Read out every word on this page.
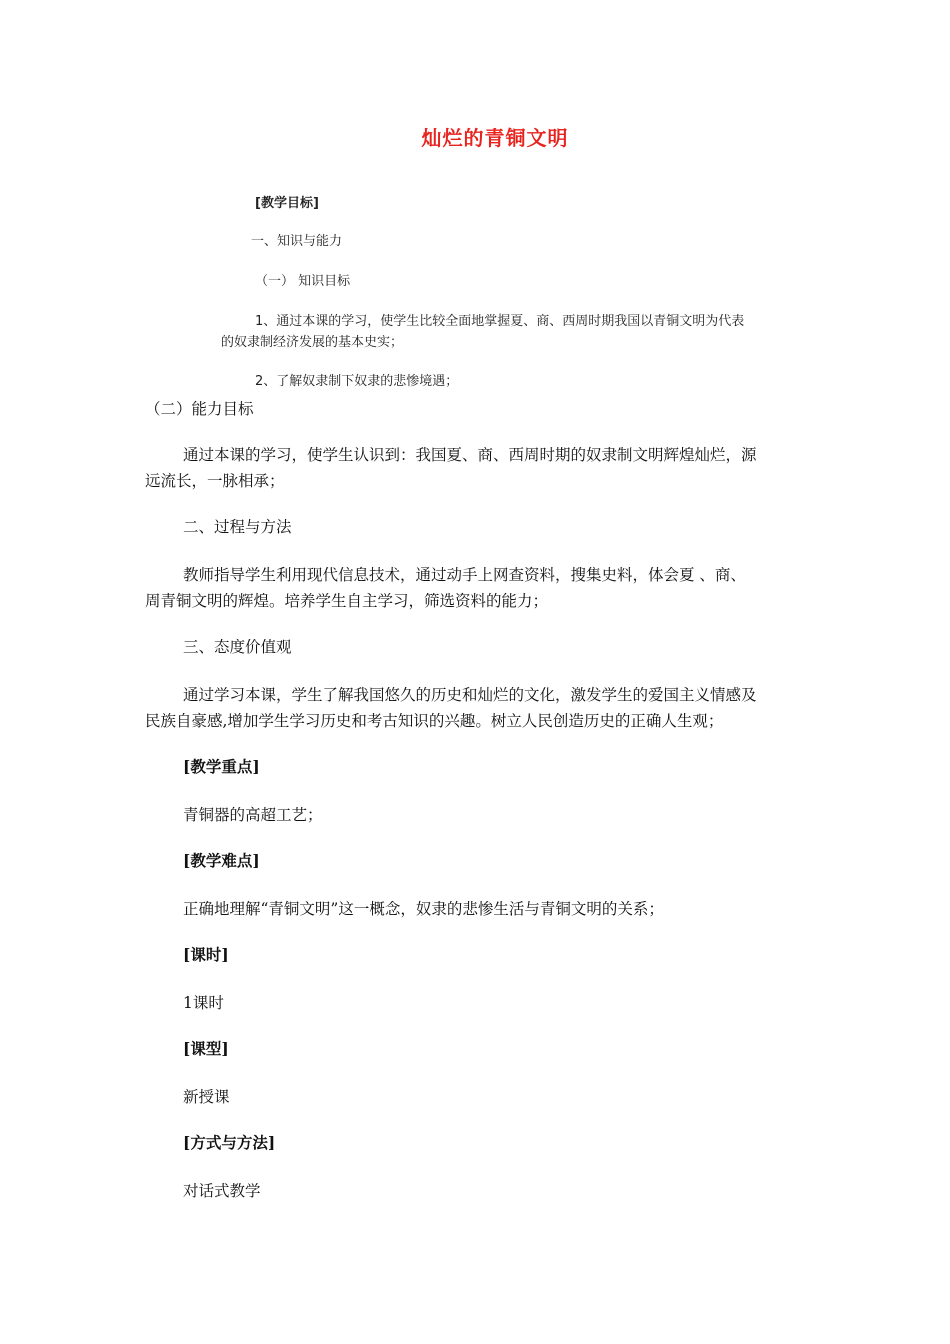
灿烂的青铜文明
[教学目标]
一、知识与能力
（一） 知识目标
1、通过本课的学习，使学生比较全面地掌握夏、商、西周时期我国以青铜文明为代表
的奴隶制经济发展的基本史实；
2、了解奴隶制下奴隶的悲惨境遇；
（二）能力目标
通过本课的学习，使学生认识到：我国夏、商、西周时期的奴隶制文明辉煌灿烂，源
远流长，一脉相承；
二、过程与方法
教师指导学生利用现代信息技术，通过动手上网查资料，搜集史料，体会夏 、商、
周青铜文明的辉煌。培养学生自主学习，筛选资料的能力；
三、态度价值观
通过学习本课，学生了解我国悠久的历史和灿烂的文化，激发学生的爱国主义情感及
民族自豪感,增加学生学习历史和考古知识的兴趣。树立人民创造历史的正确人生观；
[教学重点]
青铜器的高超工艺；
[教学难点]
正确地理解“青铜文明”这一概念，奴隶的悲惨生活与青铜文明的关系；
[课时]
1课时
[课型]
新授课
[方式与方法]
对话式教学
